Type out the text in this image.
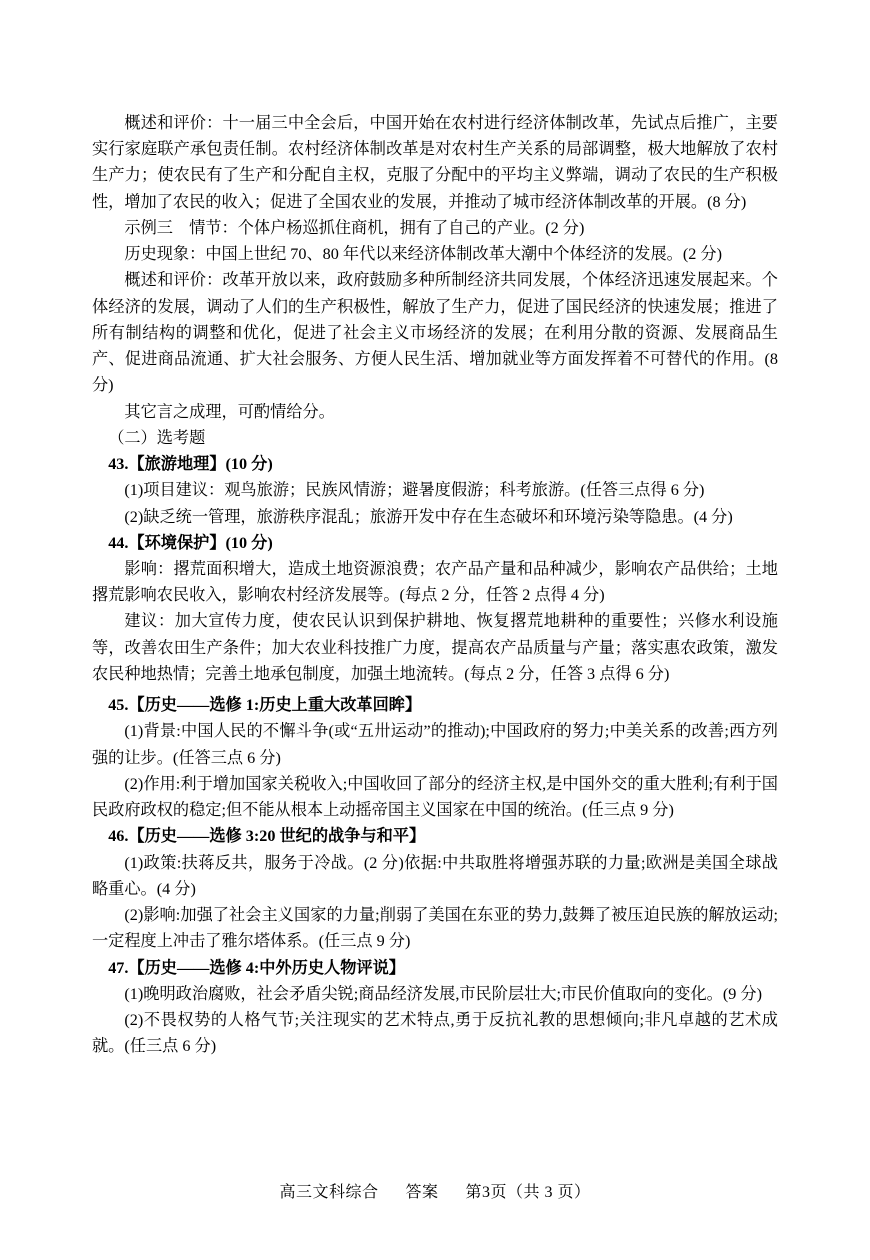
概述和评价：十一届三中全会后，中国开始在农村进行经济体制改革，先试点后推广，主要实行家庭联产承包责任制。农村经济体制改革是对农村生产关系的局部调整，极大地解放了农村生产力；使农民有了生产和分配自主权，克服了分配中的平均主义弊端，调动了农民的生产积极性，增加了农民的收入；促进了全国农业的发展，并推动了城市经济体制改革的开展。(8 分)

示例三　情节：个体户杨巡抓住商机，拥有了自己的产业。(2 分)

历史现象：中国上世纪 70、80 年代以来经济体制改革大潮中个体经济的发展。(2 分)

概述和评价：改革开放以来，政府鼓励多种所制经济共同发展，个体经济迅速发展起来。个体经济的发展，调动了人们的生产积极性，解放了生产力，促进了国民经济的快速发展；推进了所有制结构的调整和优化，促进了社会主义市场经济的发展；在利用分散的资源、发展商品生产、促进商品流通、扩大社会服务、方便人民生活、增加就业等方面发挥着不可替代的作用。(8 分)

其它言之成理，可酌情给分。

（二）选考题

43.【旅游地理】(10 分)

(1)项目建议：观鸟旅游；民族风情游；避暑度假游；科考旅游。(任答三点得 6 分)

(2)缺乏统一管理，旅游秩序混乱；旅游开发中存在生态破坏和环境污染等隐患。(4 分)

44.【环境保护】(10 分)

影响：撂荒面积增大，造成土地资源浪费；农产品产量和品种减少，影响农产品供给；土地撂荒影响农民收入，影响农村经济发展等。(每点 2 分，任答 2 点得 4 分)

建议：加大宣传力度，使农民认识到保护耕地、恢复撂荒地耕种的重要性；兴修水利设施等，改善农田生产条件；加大农业科技推广力度，提高农产品质量与产量；落实惠农政策，激发农民种地热情；完善土地承包制度，加强土地流转。(每点 2 分，任答 3 点得 6 分)

45.【历史——选修 1:历史上重大改革回眸】

(1)背景:中国人民的不懈斗争(或“五卅运动”的推动);中国政府的努力;中美关系的改善;西方列强的让步。(任答三点 6 分)

(2)作用:利于增加国家关税收入;中国收回了部分的经济主权,是中国外交的重大胜利;有利于国民政府政权的稳定;但不能从根本上动摇帝国主义国家在中国的统治。(任三点 9 分)

46.【历史——选修 3:20 世纪的战争与和平】

(1)政策:扶蒋反共，服务于冷战。(2 分)依据:中共取胜将增强苏联的力量;欧洲是美国全球战略重心。(4 分)

(2)影响:加强了社会主义国家的力量;削弱了美国在东亚的势力,鼓舞了被压迫民族的解放运动;一定程度上冲击了雅尔塔体系。(任三点 9 分)

47.【历史——选修 4:中外历史人物评说】

(1)晚明政治腐败，社会矛盾尖锐;商品经济发展,市民阶层壮大;市民价值取向的变化。(9 分)

(2)不畏权势的人格气节;关注现实的艺术特点,勇于反抗礼教的思想倾向;非凡卓越的艺术成就。(任三点 6 分)

高三文科综合 答案 第3页（共 3 页）
